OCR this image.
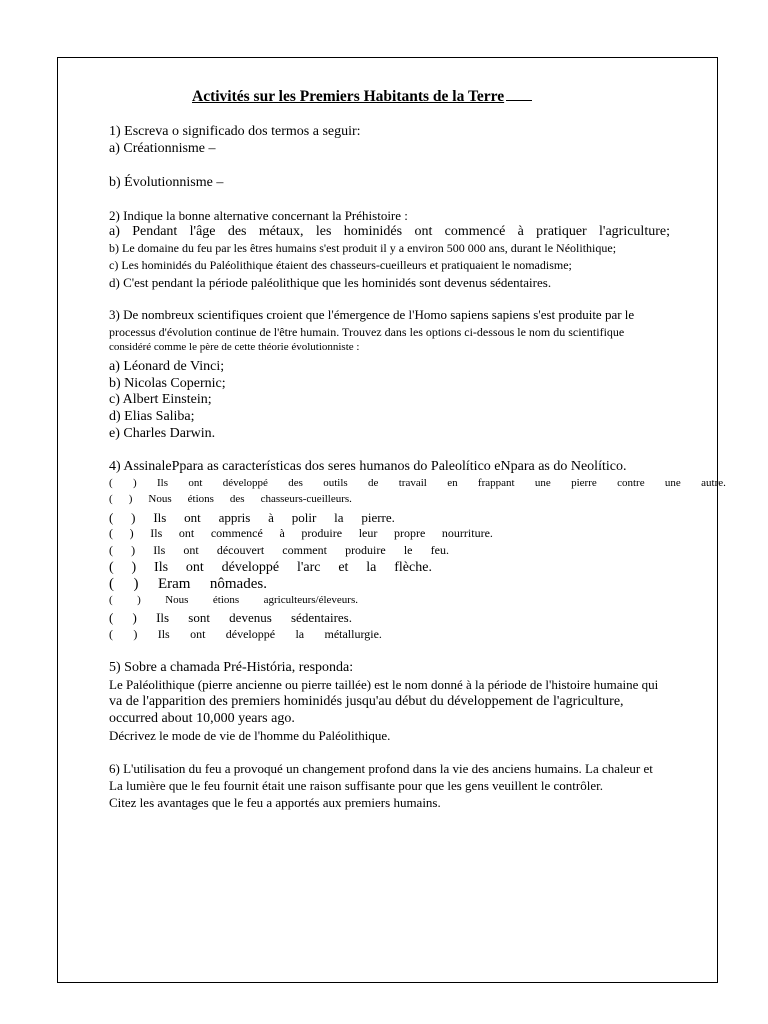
Activités sur les Premiers Habitants de la Terre
1) Escreva o significado dos termos a seguir:
a) Créationnisme –
b) Évolutionnisme –
2) Indique la bonne alternative concernant la Préhistoire :
a) Pendant l'âge des métaux, les hominidés ont commencé à pratiquer l'agriculture;
b) Le domaine du feu par les êtres humains s'est produit il y a environ 500 000 ans, durant le Néolithique;
c) Les hominidés du Paléolithique étaient des chasseurs-cueilleurs et pratiquaient le nomadisme;
d) C'est pendant la période paléolithique que les hominidés sont devenus sédentaires.
3) De nombreux scientifiques croient que l'émergence de l'Homo sapiens sapiens s'est produite par le
processus d'évolution continue de l'être humain. Trouvez dans les options ci-dessous le nom du scientifique
considéré comme le père de cette théorie évolutionniste :
a) Léonard de Vinci;
b) Nicolas Copernic;
c) Albert Einstein;
d) Elias Saliba;
e) Charles Darwin.
4) AssinalePpara as características dos seres humanos do Paleolítico eNpara as do Neolítico.
( ) Ils ont développé des outils de travail en frappant une pierre contre une autre.
( ) Nous étions des chasseurs-cueilleurs.
( ) Ils ont appris à polir la pierre.
( ) Ils ont commencé à produire leur propre nourriture.
( ) Ils ont découvert comment produire le feu.
( ) Ils ont développé l'arc et la flèche.
( ) Eram nômades.
( ) Nous étions agriculteurs/éleveurs.
( ) Ils sont devenus sédentaires.
( ) Ils ont développé la métallurgie.
5) Sobre a chamada Pré-História, responda:
Le Paléolithique (pierre ancienne ou pierre taillée) est le nom donné à la période de l'histoire humaine qui
va de l'apparition des premiers hominidés jusqu'au début du développement de l'agriculture,
occurred about 10,000 years ago.
Décrivez le mode de vie de l'homme du Paléolithique.
6) L'utilisation du feu a provoqué un changement profond dans la vie des anciens humains. La chaleur et
La lumière que le feu fournit était une raison suffisante pour que les gens veuillent le contrôler.
Citez les avantages que le feu a apportés aux premiers humains.
